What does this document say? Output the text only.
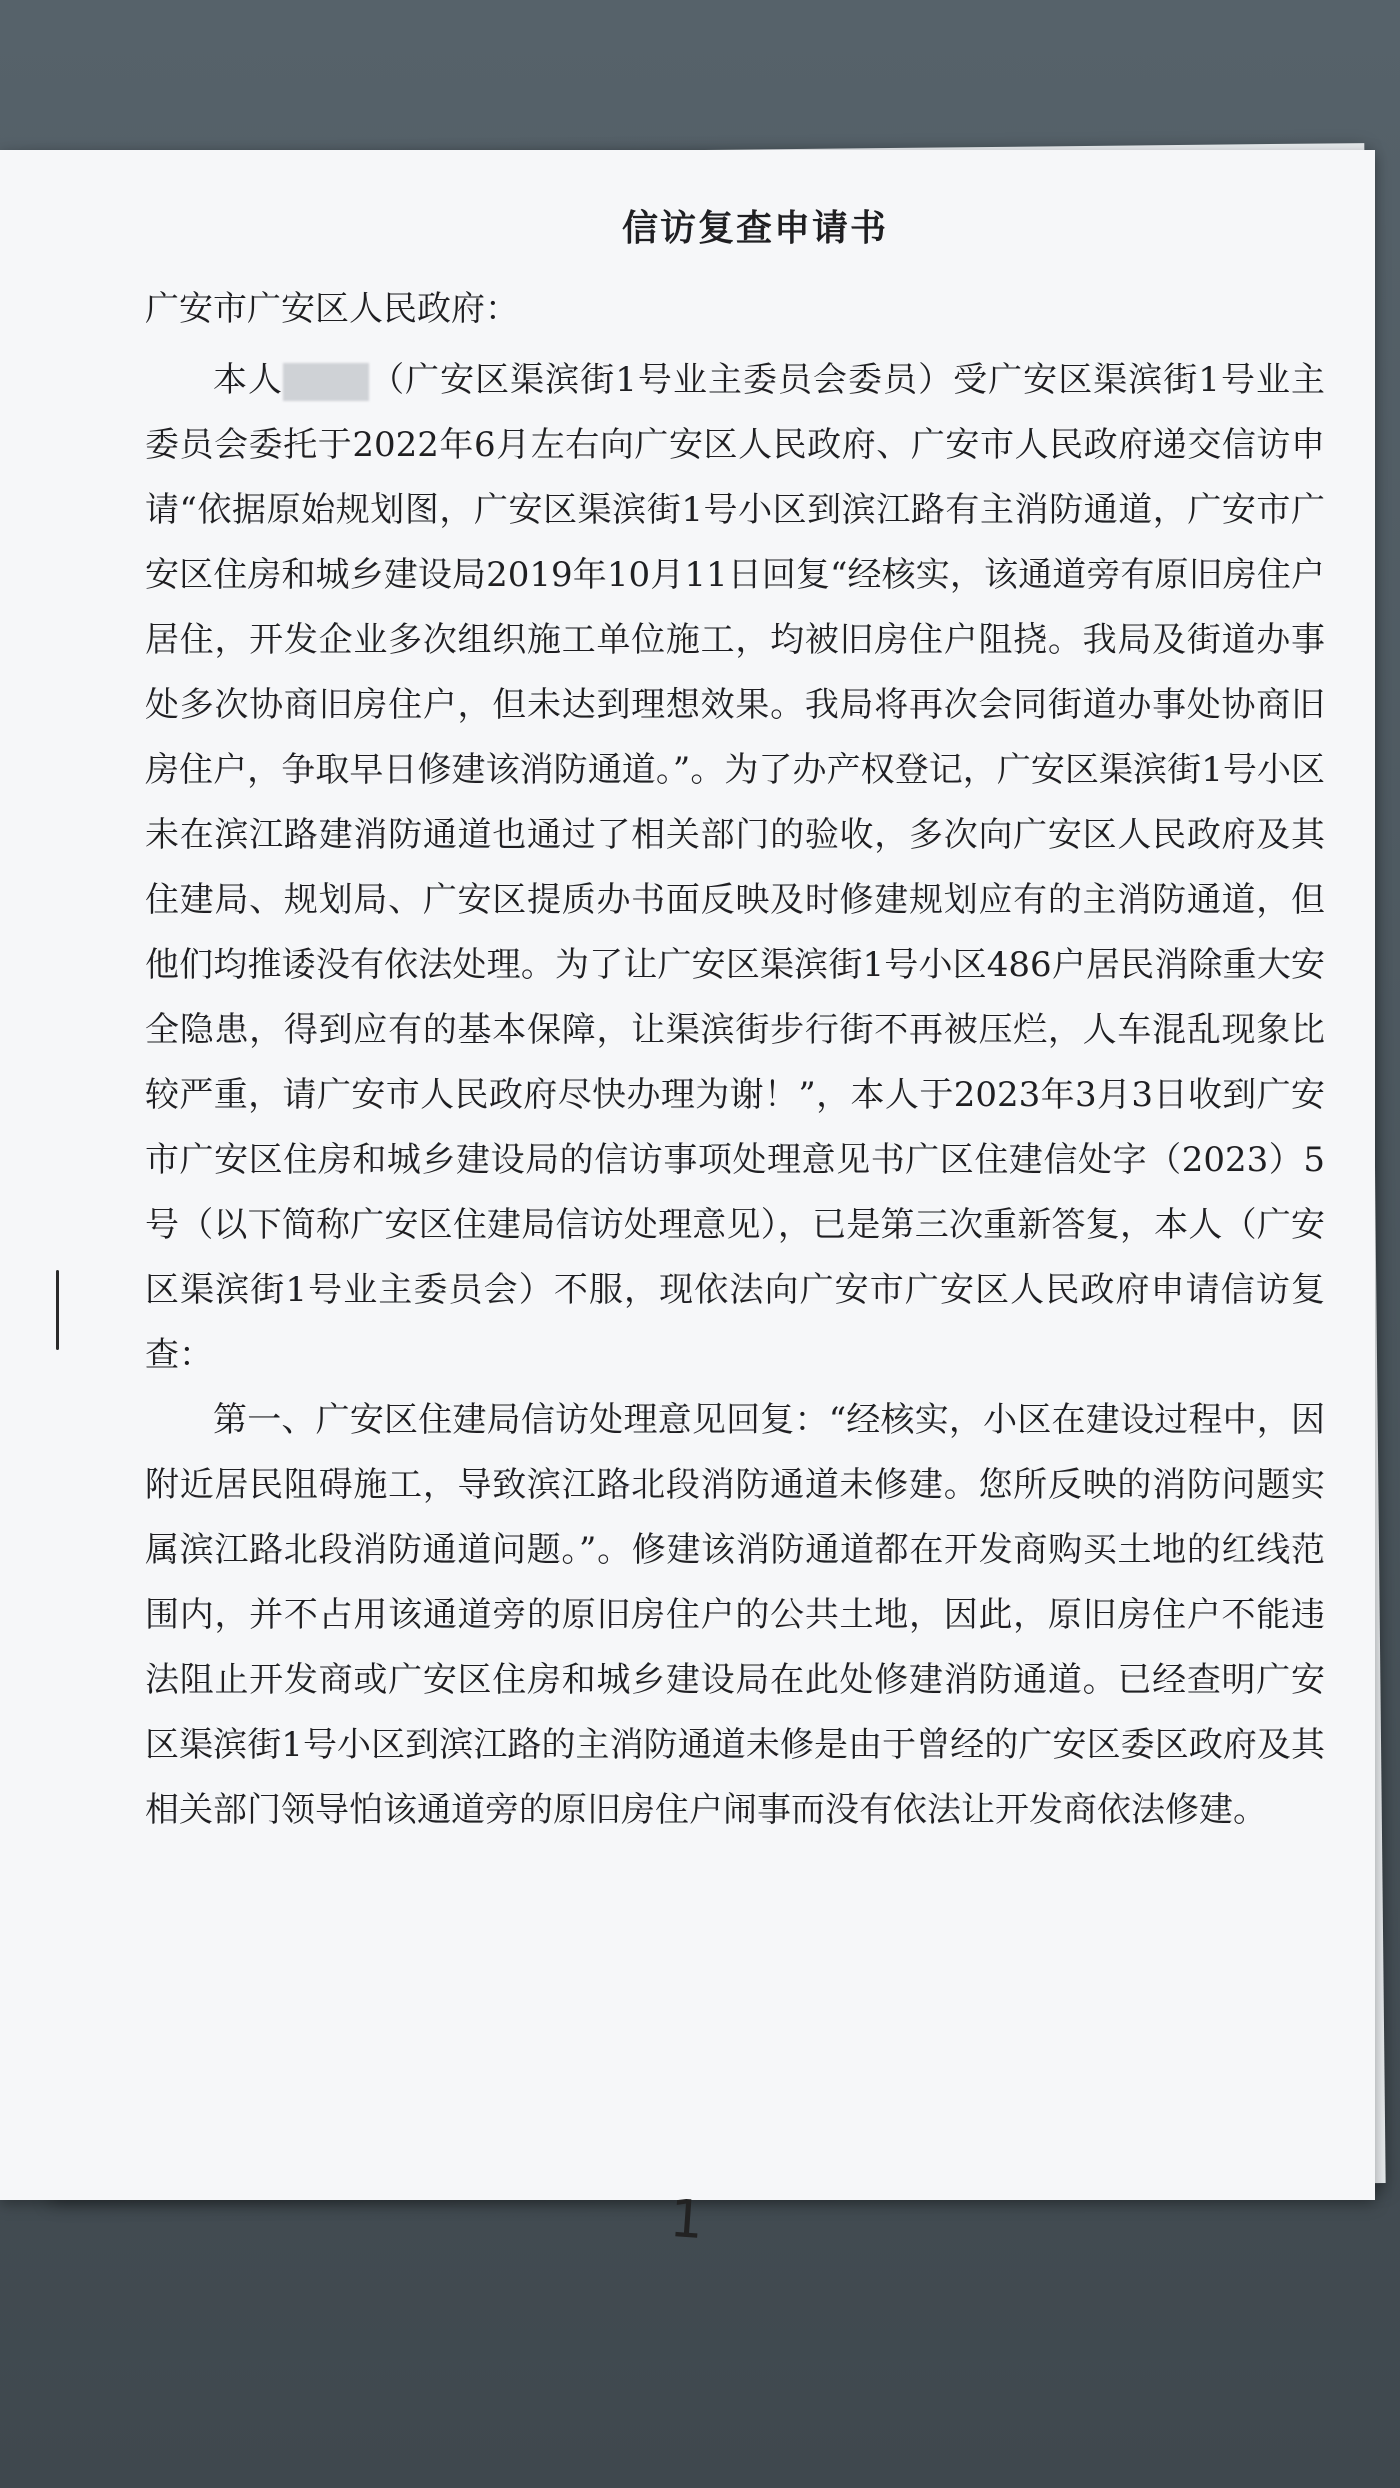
1
信访复查申请书
广安市广安区人民政府：

本人	（广安区渠滨街1号业主委员会委员）受广安区渠滨街1号业主委员会委托于2022年6月左右向广安区人民政府、广安市人民政府递交信访申请“依据原始规划图，广安区渠滨街1号小区到滨江路有主消防通道，广安市广安区住房和城乡建设局2019年10月11日回复“经核实，该通道旁有原旧房住户居住，开发企业多次组织施工单位施工，均被旧房住户阻挠。我局及街道办事处多次协商旧房住户，但未达到理想效果。我局将再次会同街道办事处协商旧房住户，争取早日修建该消防通道。”。为了办产权登记，广安区渠滨街1号小区未在滨江路建消防通道也通过了相关部门的验收，多次向广安区人民政府及其住建局、规划局、广安区提质办书面反映及时修建规划应有的主消防通道，但他们均推诿没有依法处理。为了让广安区渠滨街1号小区486户居民消除重大安全隐患，得到应有的基本保障，让渠滨街步行街不再被压烂，人车混乱现象比较严重，请广安市人民政府尽快办理为谢！”，本人于2023年3月3日收到广安市广安区住房和城乡建设局的信访事项处理意见书广区住建信处字（2023）5号（以下简称广安区住建局信访处理意见），已是第三次重新答复，本人（广安区渠滨街1号业主委员会）不服，现依法向广安市广安区人民政府申请信访复查：

第一、广安区住建局信访处理意见回复：“经核实，小区在建设过程中，因附近居民阻碍施工，导致滨江路北段消防通道未修建。您所反映的消防问题实属滨江路北段消防通道问题。”。修建该消防通道都在开发商购买土地的红线范围内，并不占用该通道旁的原旧房住户的公共土地，因此，原旧房住户不能违法阻止开发商或广安区住房和城乡建设局在此处修建消防通道。已经查明广安区渠滨街1号小区到滨江路的主消防通道未修是由于曾经的广安区委区政府及其相关部门领导怕该通道旁的原旧房住户闹事而没有依法让开发商依法修建。
